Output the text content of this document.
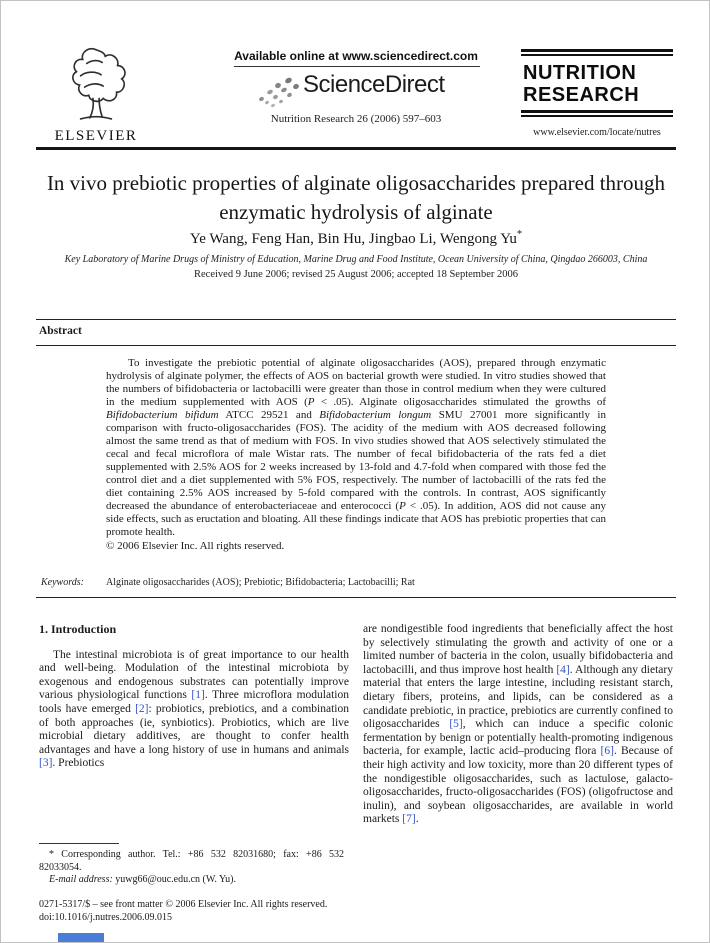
ELSEVIER
Available online at www.sciencedirect.com
ScienceDirect
Nutrition Research 26 (2006) 597–603
NUTRITION
RESEARCH
www.elsevier.com/locate/nutres
In vivo prebiotic properties of alginate oligosaccharides prepared through enzymatic hydrolysis of alginate
Ye Wang, Feng Han, Bin Hu, Jingbao Li, Wengong Yu*
Key Laboratory of Marine Drugs of Ministry of Education, Marine Drug and Food Institute, Ocean University of China, Qingdao 266003, China
Received 9 June 2006; revised 25 August 2006; accepted 18 September 2006
Abstract

To investigate the prebiotic potential of alginate oligosaccharides (AOS), prepared through enzymatic hydrolysis of alginate polymer, the effects of AOS on bacterial growth were studied. In vitro studies showed that the numbers of bifidobacteria or lactobacilli were greater than those in control medium when they were cultured in the medium supplemented with AOS (P < .05). Alginate oligosaccharides stimulated the growths of Bifidobacterium bifidum ATCC 29521 and Bifidobacterium longum SMU 27001 more significantly in comparison with fructo-oligosaccharides (FOS). The acidity of the medium with AOS decreased following almost the same trend as that of medium with FOS. In vivo studies showed that AOS selectively stimulated the cecal and fecal microflora of male Wistar rats. The number of fecal bifidobacteria of the rats fed a diet supplemented with 2.5% AOS for 2 weeks increased by 13-fold and 4.7-fold when compared with those fed the control diet and a diet supplemented with 5% FOS, respectively. The number of lactobacilli of the rats fed the diet containing 2.5% AOS increased by 5-fold compared with the controls. In contrast, AOS significantly decreased the abundance of enterobacteriaceae and enterococci (P < .05). In addition, AOS did not cause any side effects, such as eructation and bloating. All these findings indicate that AOS has prebiotic properties that can promote health.

© 2006 Elsevier Inc. All rights reserved.
Keywords: Alginate oligosaccharides (AOS); Prebiotic; Bifidobacteria; Lactobacilli; Rat
1. Introduction

The intestinal microbiota is of great importance to our health and well-being. Modulation of the intestinal microbiota by exogenous and endogenous substrates can potentially improve various physiological functions [1]. Three microflora modulation tools have emerged [2]: probiotics, prebiotics, and a combination of both approaches (ie, synbiotics). Probiotics, which are live microbial dietary additives, are thought to confer health advantages and have a long history of use in humans and animals [3]. Prebiotics

are nondigestible food ingredients that beneficially affect the host by selectively stimulating the growth and activity of one or a limited number of bacteria in the colon, usually bifidobacteria and lactobacilli, and thus improve host health [4]. Although any dietary material that enters the large intestine, including resistant starch, dietary fibers, proteins, and lipids, can be considered as a candidate prebiotic, in practice, prebiotics are currently confined to oligosaccharides [5], which can induce a specific colonic fermentation by benign or potentially health-promoting indigenous bacteria, for example, lactic acid–producing flora [6]. Because of their high activity and low toxicity, more than 20 different types of the nondigestible oligosaccharides, such as lactulose, galacto-oligosaccharides, fructo-oligosaccharides (FOS) (oligofructose and inulin), and soybean oligosaccharides, are available in world markets [7].

* Corresponding author. Tel.: +86 532 82031680; fax: +86 532 82033054.

E-mail address: yuwg66@ouc.edu.cn (W. Yu).

0271-5317/$ – see front matter © 2006 Elsevier Inc. All rights reserved.
doi:10.1016/j.nutres.2006.09.015
